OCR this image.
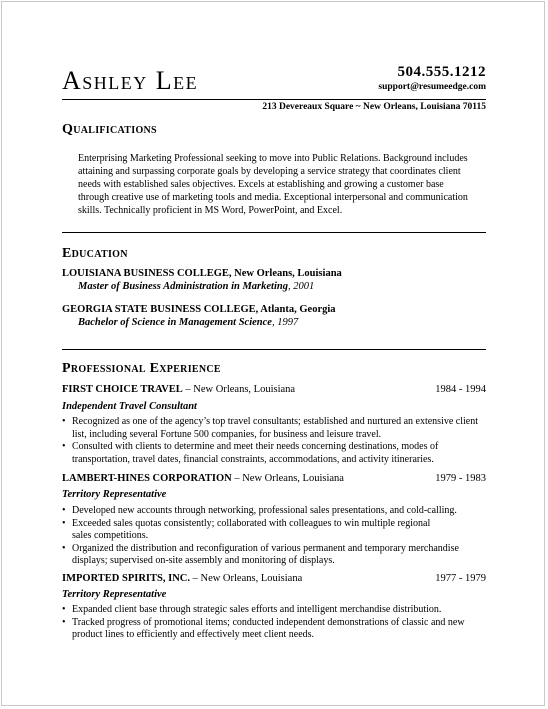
Ashley Lee	504.555.1212
support@resumeedge.com
213 Devereaux Square ~ New Orleans, Louisiana 70115
Qualifications
Enterprising Marketing Professional seeking to move into Public Relations. Background includes
attaining and surpassing corporate goals by developing a service strategy that coordinates client
needs with established sales objectives. Excels at establishing and growing a customer base
through creative use of marketing tools and media. Exceptional interpersonal and communication
skills. Technically proficient in MS Word, PowerPoint, and Excel.
Education
LOUISIANA BUSINESS COLLEGE, New Orleans, Louisiana
Master of Business Administration in Marketing, 2001
GEORGIA STATE BUSINESS COLLEGE, Atlanta, Georgia
Bachelor of Science in Management Science, 1997
Professional Experience
FIRST CHOICE TRAVEL – New Orleans, Louisiana	1984 - 1994
Independent Travel Consultant
• Recognized as one of the agency’s top travel consultants; established and nurtured an extensive client
list, including several Fortune 500 companies, for business and leisure travel.
• Consulted with clients to determine and meet their needs concerning destinations, modes of
transportation, travel dates, financial constraints, accommodations, and activity itineraries.
LAMBERT-HINES CORPORATION – New Orleans, Louisiana	1979 - 1983
Territory Representative
• Developed new accounts through networking, professional sales presentations, and cold-calling.
• Exceeded sales quotas consistently; collaborated with colleagues to win multiple regional
sales competitions.
• Organized the distribution and reconfiguration of various permanent and temporary merchandise
displays; supervised on-site assembly and monitoring of displays.
IMPORTED SPIRITS, INC. – New Orleans, Louisiana	1977 - 1979
Territory Representative
• Expanded client base through strategic sales efforts and intelligent merchandise distribution.
• Tracked progress of promotional items; conducted independent demonstrations of classic and new
product lines to efficiently and effectively meet client needs.
